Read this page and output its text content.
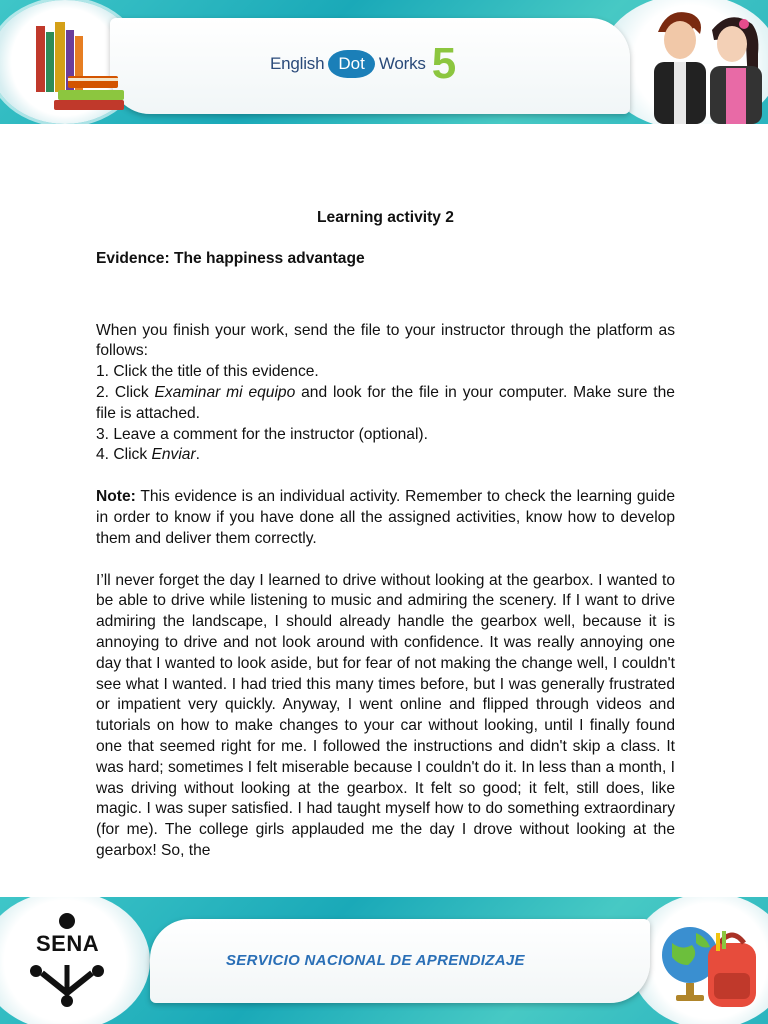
English Dot Works 5

Learning activity 2

Evidence: The happiness advantage

When you finish your work, send the file to your instructor through the platform as follows:

1. Click the title of this evidence.

2. Click Examinar mi equipo and look for the file in your computer. Make sure the file is attached.

3. Leave a comment for the instructor (optional).

4. Click Enviar.

Note: This evidence is an individual activity. Remember to check the learning guide in order to know if you have done all the assigned activities, know how to develop them and deliver them correctly.

I’ll never forget the day I learned to drive without looking at the gearbox. I wanted to be able to drive while listening to music and admiring the scenery. If I want to drive admiring the landscape, I should already handle the gearbox well, because it is annoying to drive and not look around with confidence. It was really annoying one day that I wanted to look aside, but for fear of not making the change well, I couldn't see what I wanted. I had tried this many times before, but I was generally frustrated or impatient very quickly. Anyway, I went online and flipped through videos and tutorials on how to make changes to your car without looking, until I finally found one that seemed right for me. I followed the instructions and didn't skip a class. It was hard; sometimes I felt miserable because I couldn't do it. In less than a month, I was driving without looking at the gearbox. It felt so good; it felt, still does, like magic. I was super satisfied. I had taught myself how to do something extraordinary (for me). The college girls applauded me the day I drove without looking at the gearbox! So, the

SENA
SERVICIO NACIONAL DE APRENDIZAJE
